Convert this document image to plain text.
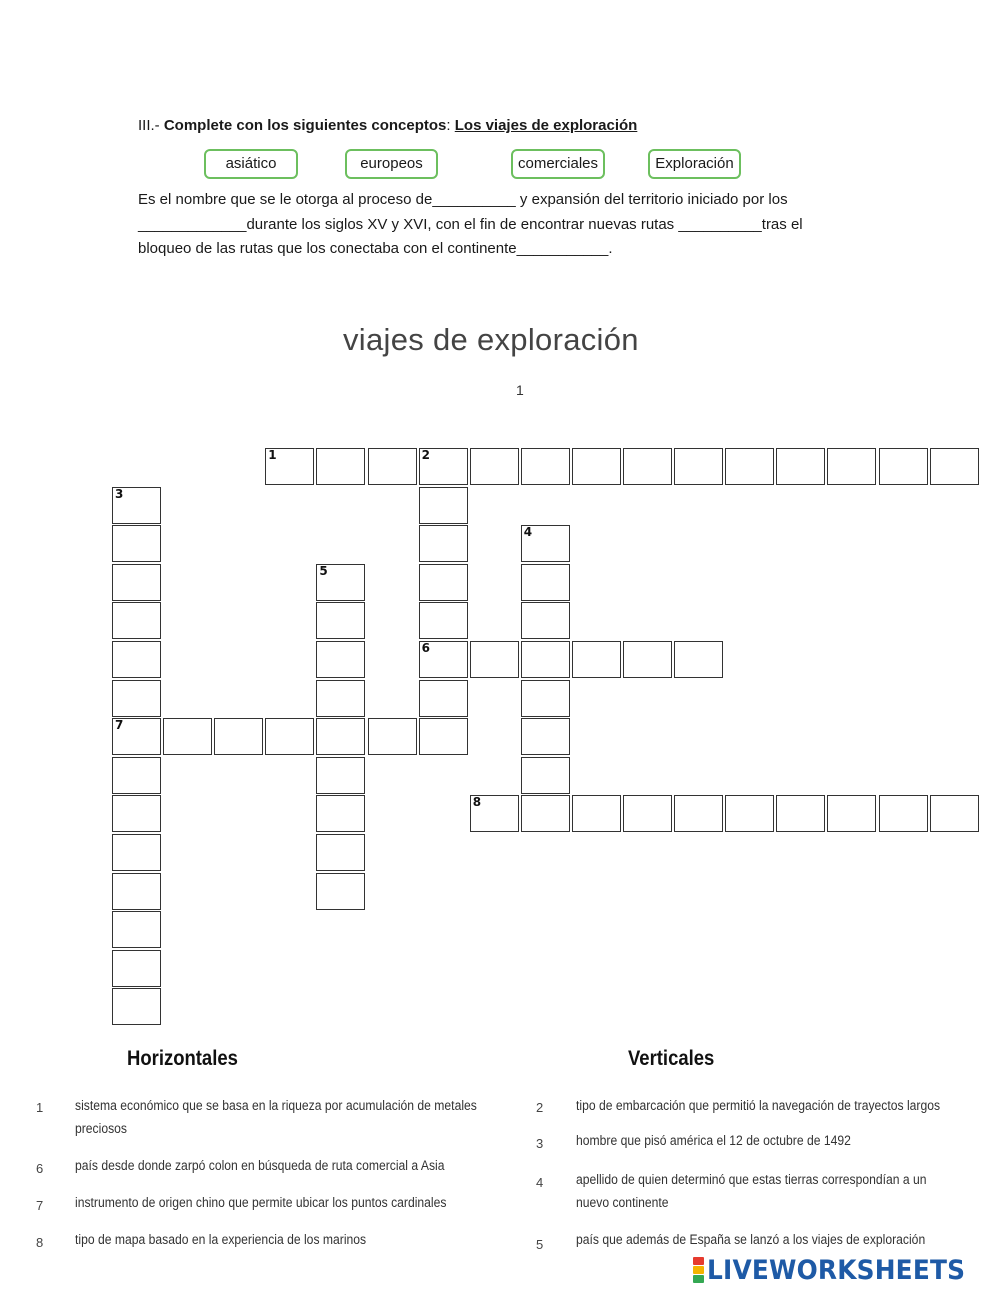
III.- Complete con los siguientes conceptos: Los viajes de exploración
asiático	europeos	comerciales	Exploración

Es el nombre que se le otorga al proceso de__________ y expansión del territorio iniciado por los

_____________durante los siglos XV y XVI, con el fin de encontrar nuevas rutas __________tras el

bloqueo de las rutas que los conectaba con el continente___________.

viajes de exploración
1
1	2
6
3
7
4
5
8
Horizontales	Verticales
1 sistema económico que se basa en la riqueza por acumulación de metales preciosos
6 país desde donde zarpó colon en búsqueda de ruta comercial a Asia
7 instrumento de origen chino que permite ubicar los puntos cardinales
8 tipo de mapa basado en la experiencia de los marinos
2 tipo de embarcación que permitió la navegación de trayectos largos
3 hombre que pisó américa el 12 de octubre de 1492
4 apellido de quien determinó que estas tierras correspondían a un nuevo continente
5 país que además de España se lanzó a los viajes de exploración
LIVEWORKSHEETS
